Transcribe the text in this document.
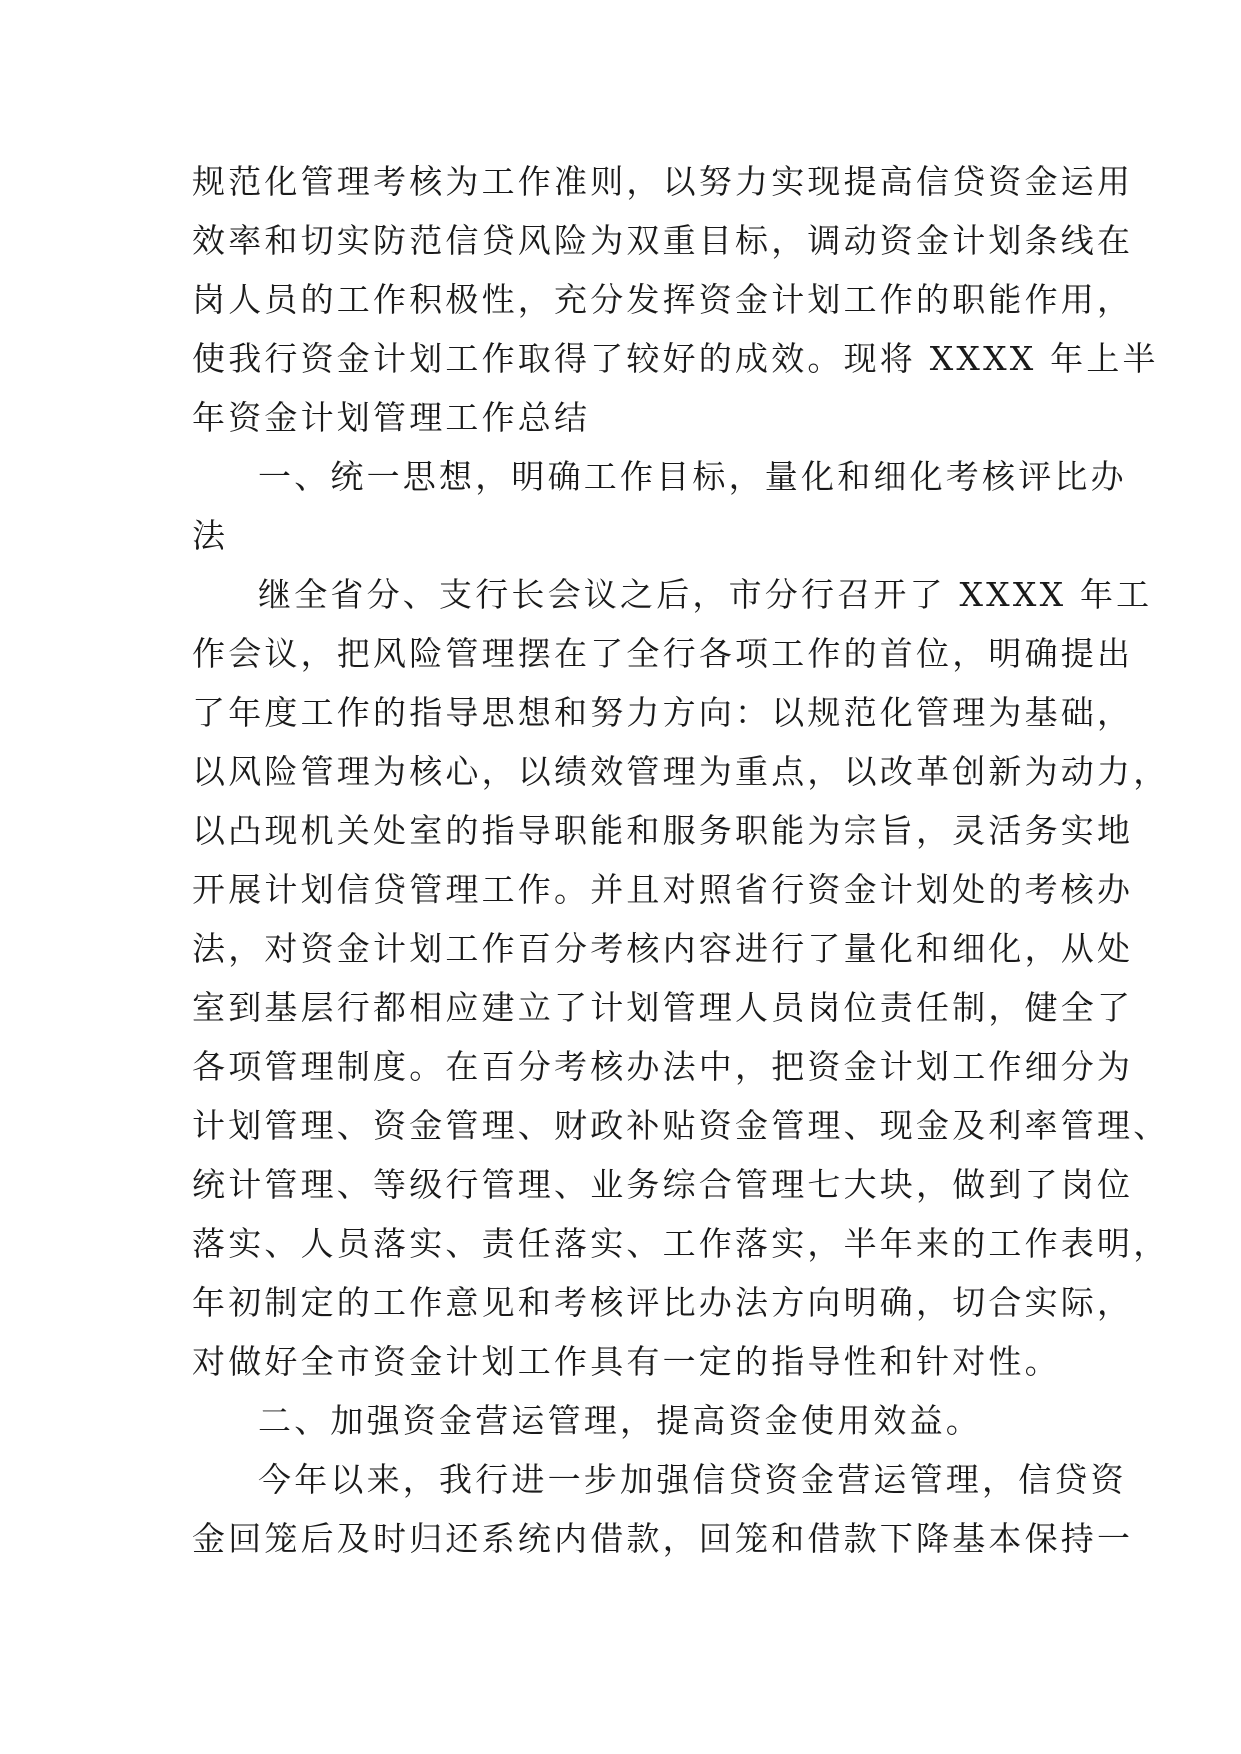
规范化管理考核为工作准则，以努力实现提高信贷资金运用
效率和切实防范信贷风险为双重目标，调动资金计划条线在
岗人员的工作积极性，充分发挥资金计划工作的职能作用，
使我行资金计划工作取得了较好的成效。现将 XXXX 年上半
年资金计划管理工作总结
一、统一思想，明确工作目标，量化和细化考核评比办
法
继全省分、支行长会议之后，市分行召开了 XXXX 年工
作会议，把风险管理摆在了全行各项工作的首位，明确提出
了年度工作的指导思想和努力方向：以规范化管理为基础，
以风险管理为核心，以绩效管理为重点，以改革创新为动力，
以凸现机关处室的指导职能和服务职能为宗旨，灵活务实地
开展计划信贷管理工作。并且对照省行资金计划处的考核办
法，对资金计划工作百分考核内容进行了量化和细化，从处
室到基层行都相应建立了计划管理人员岗位责任制，健全了
各项管理制度。在百分考核办法中，把资金计划工作细分为
计划管理、资金管理、财政补贴资金管理、现金及利率管理、
统计管理、等级行管理、业务综合管理七大块，做到了岗位
落实、人员落实、责任落实、工作落实，半年来的工作表明，
年初制定的工作意见和考核评比办法方向明确，切合实际，
对做好全市资金计划工作具有一定的指导性和针对性。
二、加强资金营运管理，提高资金使用效益。
今年以来，我行进一步加强信贷资金营运管理，信贷资
金回笼后及时归还系统内借款，回笼和借款下降基本保持一
